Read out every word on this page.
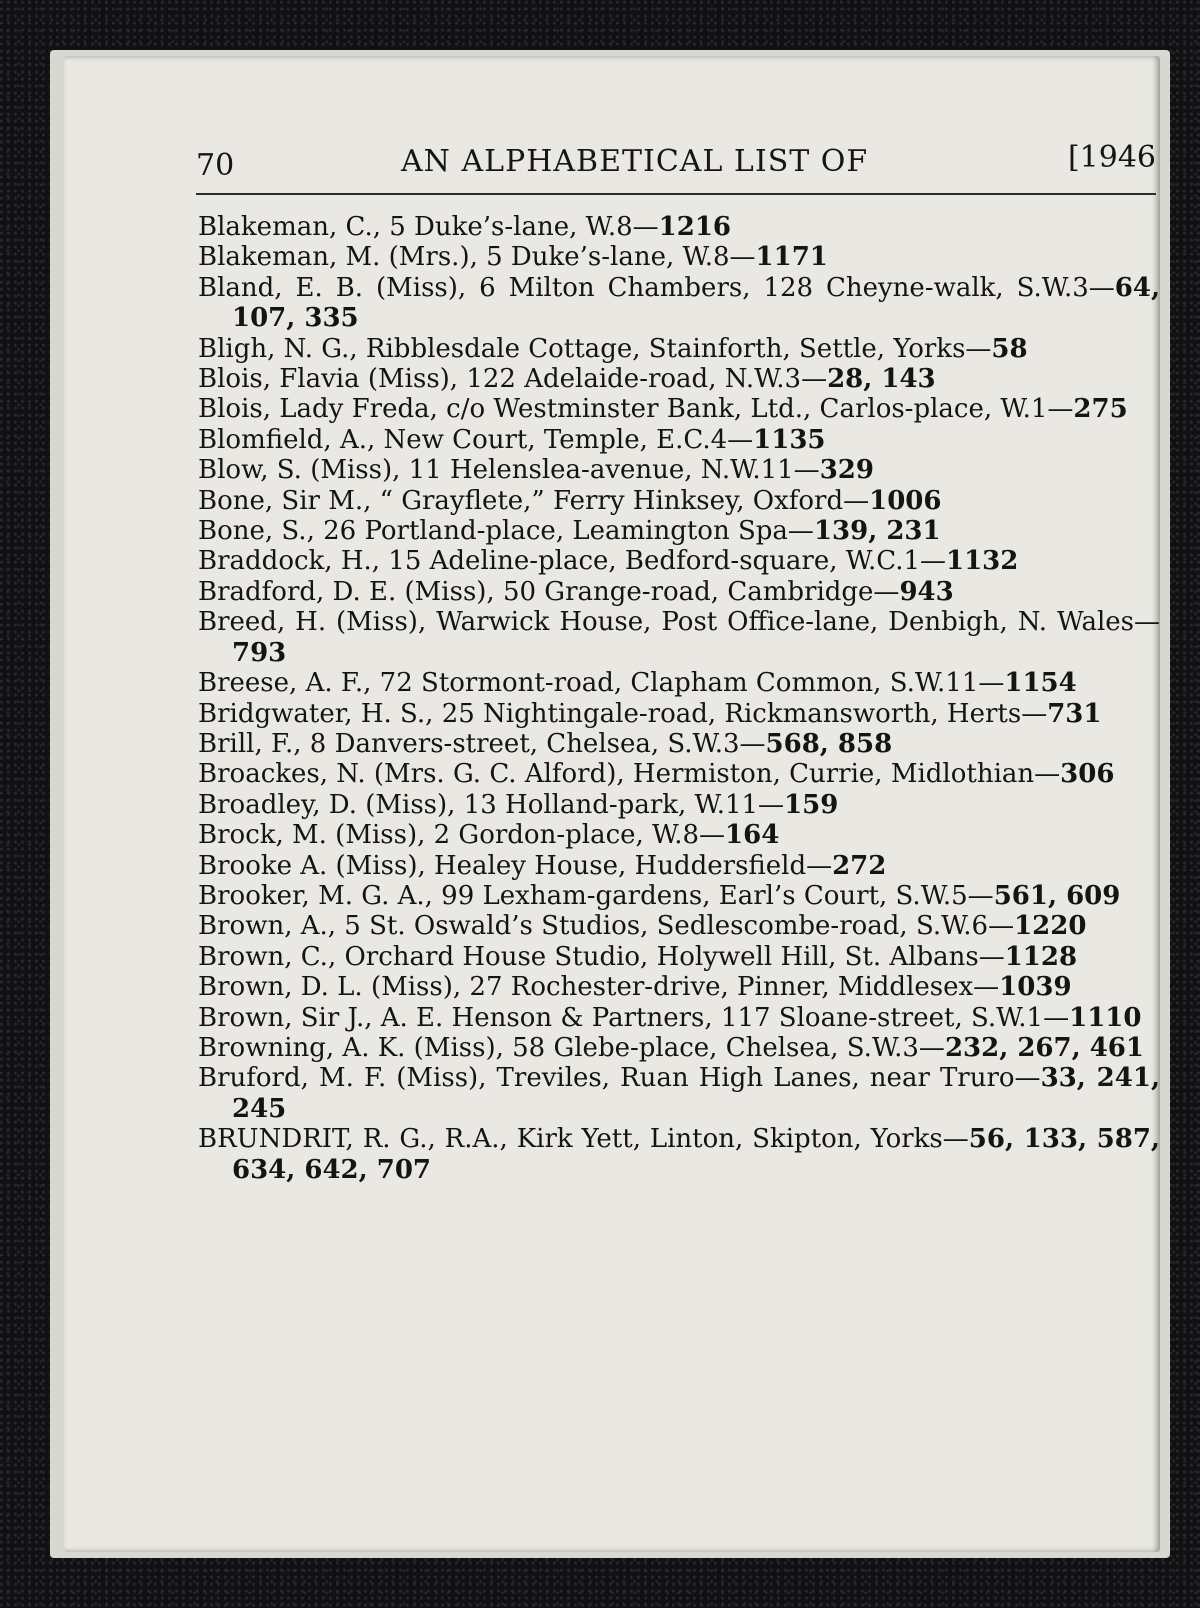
70	AN ALPHABETICAL LIST OF	[1946
Blakeman, C., 5 Duke’s-lane, W.8—1216
Blakeman, M. (Mrs.), 5 Duke’s-lane, W.8—1171
Bland, E. B. (Miss), 6 Milton Chambers, 128 Cheyne-walk, S.W.3—64, 107, 335
Bligh, N. G., Ribblesdale Cottage, Stainforth, Settle, Yorks—58
Blois, Flavia (Miss), 122 Adelaide-road, N.W.3—28, 143
Blois, Lady Freda, c/o Westminster Bank, Ltd., Carlos-place, W.1—275
Blomfield, A., New Court, Temple, E.C.4—1135
Blow, S. (Miss), 11 Helenslea-avenue, N.W.11—329
Bone, Sir M., “ Grayflete,” Ferry Hinksey, Oxford—1006
Bone, S., 26 Portland-place, Leamington Spa—139, 231
Braddock, H., 15 Adeline-place, Bedford-square, W.C.1—1132
Bradford, D. E. (Miss), 50 Grange-road, Cambridge—943
Breed, H. (Miss), Warwick House, Post Office-lane, Denbigh, N. Wales—793
Breese, A. F., 72 Stormont-road, Clapham Common, S.W.11—1154
Bridgwater, H. S., 25 Nightingale-road, Rickmansworth, Herts—731
Brill, F., 8 Danvers-street, Chelsea, S.W.3—568, 858
Broackes, N. (Mrs. G. C. Alford), Hermiston, Currie, Midlothian—306
Broadley, D. (Miss), 13 Holland-park, W.11—159
Brock, M. (Miss), 2 Gordon-place, W.8—164
Brooke A. (Miss), Healey House, Huddersfield—272
Brooker, M. G. A., 99 Lexham-gardens, Earl’s Court, S.W.5—561, 609
Brown, A., 5 St. Oswald’s Studios, Sedlescombe-road, S.W.6—1220
Brown, C., Orchard House Studio, Holywell Hill, St. Albans—1128
Brown, D. L. (Miss), 27 Rochester-drive, Pinner, Middlesex—1039
Brown, Sir J., A. E. Henson & Partners, 117 Sloane-street, S.W.1—1110
Browning, A. K. (Miss), 58 Glebe-place, Chelsea, S.W.3—232, 267, 461
Bruford, M. F. (Miss), Treviles, Ruan High Lanes, near Truro—33, 241, 245
BRUNDRIT, R. G., R.A., Kirk Yett, Linton, Skipton, Yorks—56, 133, 587, 634, 642, 707
